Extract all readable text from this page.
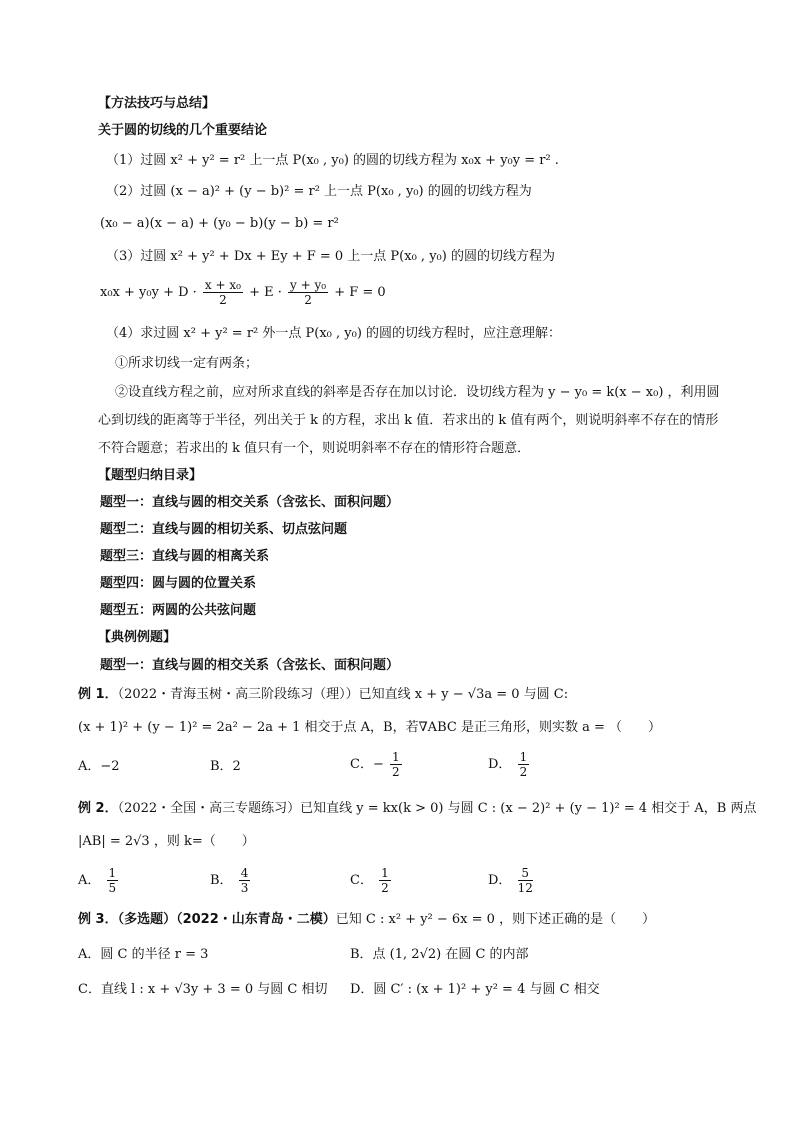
【方法技巧与总结】
关于圆的切线的几个重要结论
（1）过圆 x² + y² = r² 上一点 P(x₀ , y₀) 的圆的切线方程为 x₀x + y₀y = r² .
（2）过圆 (x − a)² + (y − b)² = r² 上一点 P(x₀ , y₀) 的圆的切线方程为
(x₀ − a)(x − a) + (y₀ − b)(y − b) = r²
（3）过圆 x² + y² + Dx + Ey + F = 0 上一点 P(x₀ , y₀) 的圆的切线方程为
$x_0x + y_0y + D \cdot \frac{\text{x + x₀}}{2} + E \cdot \frac{\text{y + y₀}}{2} + F = 0$
（4）求过圆 x² + y² = r² 外一点 P(x₀ , y₀) 的圆的切线方程时，应注意理解：
①所求切线一定有两条；
②设直线方程之前，应对所求直线的斜率是否存在加以讨论．设切线方程为 y − y₀ = k(x − x₀) ，利用圆
心到切线的距离等于半径，列出关于 k 的方程，求出 k 值．若求出的 k 值有两个，则说明斜率不存在的情形
不符合题意；若求出的 k 值只有一个，则说明斜率不存在的情形符合题意．
【题型归纳目录】
题型一：直线与圆的相交关系（含弦长、面积问题）
题型二：直线与圆的相切关系、切点弦问题
题型三：直线与圆的相离关系
题型四：圆与圆的位置关系
题型五：两圆的公共弦问题
【典例例题】
题型一：直线与圆的相交关系（含弦长、面积问题）
例 1．（2022・青海玉树・高三阶段练习（理））已知直线 x + y − √3a = 0 与圆 C:
(x + 1)² + (y − 1)² = 2a² − 2a + 1 相交于点 A，B，若∇ABC 是正三角形，则实数 a = （　　）
A．−2	B．2	C．− $\frac{1}{2}$	D． $\frac{1}{2}$
例 2．（2022・全国・高三专题练习）已知直线 y = kx(k > 0) 与圆 C : (x − 2)² + (y − 1)² = 4 相交于 A，B 两点
|AB| = 2√3 ，则 k=（　　）
A． $\frac{1}{5}$	B． $\frac{4}{3}$	C． $\frac{1}{2}$	D． $\frac{5}{12}$
例 3．（多选题）（2022・山东青岛・二模）已知 C : x² + y² − 6x = 0 ，则下述正确的是（　　）
A．圆 C 的半径 r = 3	B．点 (1, 2√2) 在圆 C 的内部
C．直线 l : x + √3y + 3 = 0 与圆 C 相切 D．圆 C′ : (x + 1)² + y² = 4 与圆 C 相交
